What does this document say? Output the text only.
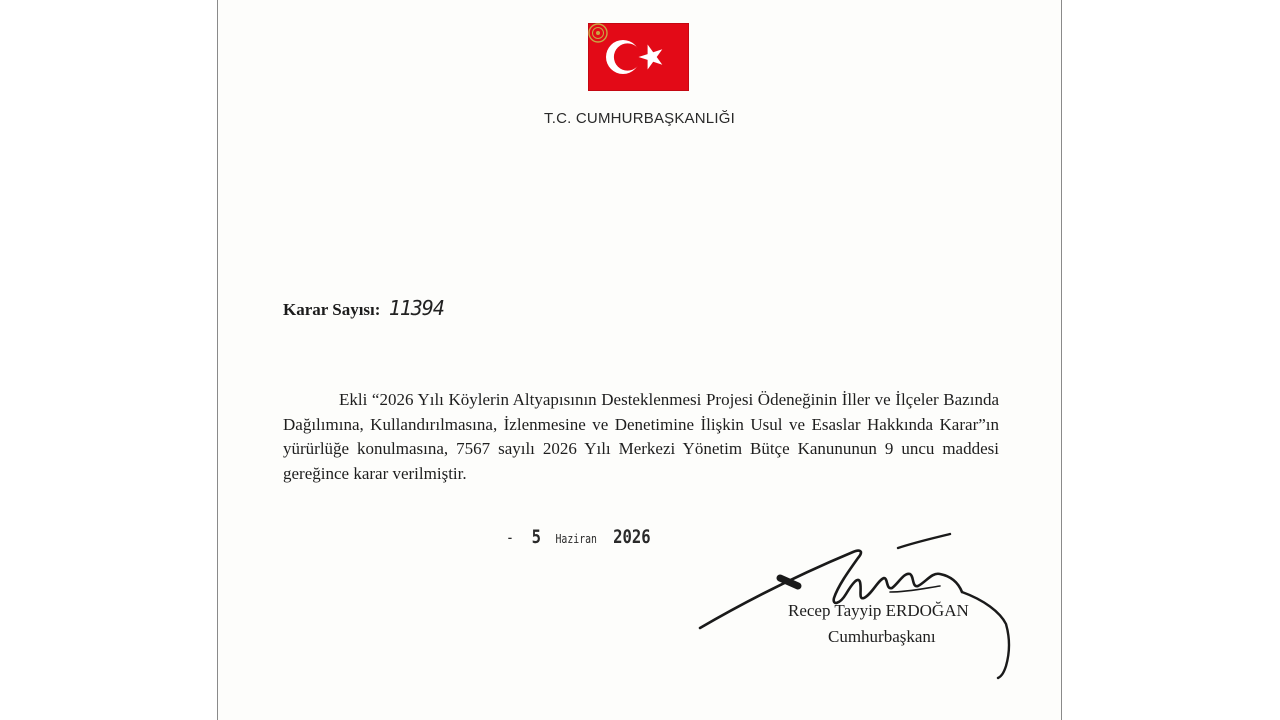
T.C. CUMHURBAŞKANLIĞI
Karar Sayısı: 11394

Ekli “2026 Yılı Köylerin Altyapısının Desteklenmesi Projesi Ödeneğinin İller ve İlçeler Bazında Dağılımına, Kullandırılmasına, İzlenmesine ve Denetimine İlişkin Usul ve Esaslar Hakkında Karar”ın yürürlüğe konulmasına, 7567 sayılı 2026 Yılı Merkezi Yönetim Bütçe Kanununun 9 uncu maddesi gereğince karar verilmiştir.

- 5 Haziran 2026
Recep Tayyip ERDOĞAN
Cumhurbaşkanı
